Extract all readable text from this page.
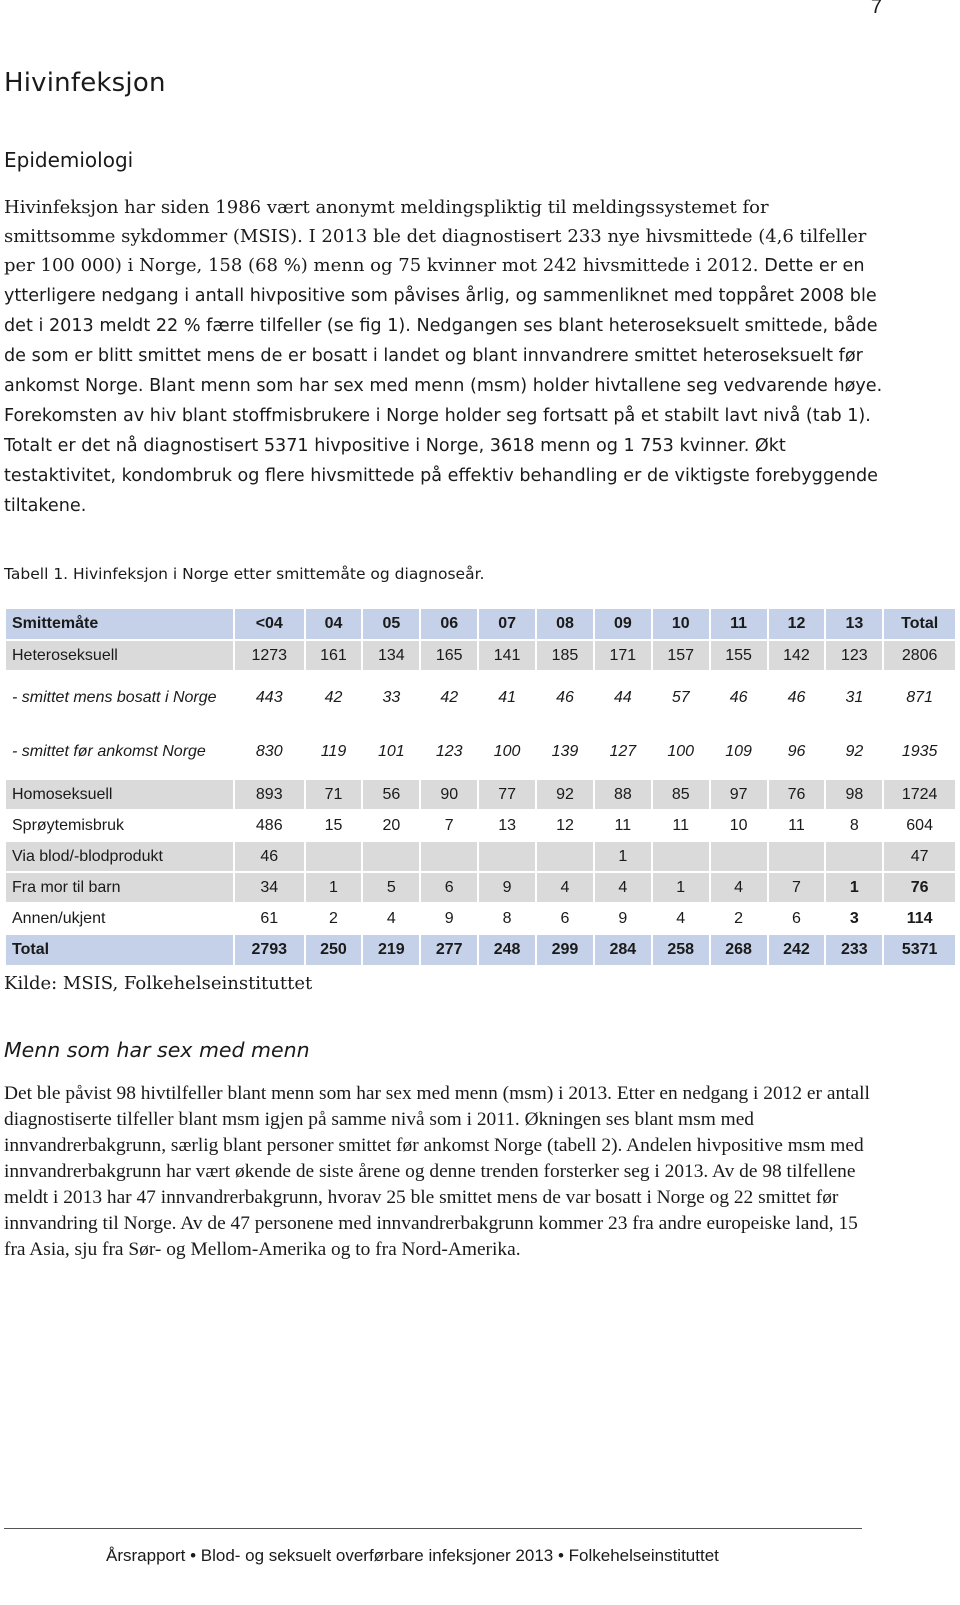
7
Hivinfeksjon
Epidemiologi

Hivinfeksjon har siden 1986 vært anonymt meldingspliktig til meldingssystemet for smittsomme sykdommer (MSIS). I 2013 ble det diagnostisert 233 nye hivsmittede (4,6 tilfeller per 100 000) i Norge, 158 (68 %) menn og 75 kvinner mot 242 hivsmittede i 2012. Dette er en ytterligere nedgang i antall hivpositive som påvises årlig, og sammenliknet med toppåret 2008 ble det i 2013 meldt 22 % færre tilfeller (se fig 1). Nedgangen ses blant heteroseksuelt smittede, både de som er blitt smittet mens de er bosatt i landet og blant innvandrere smittet heteroseksuelt før ankomst Norge. Blant menn som har sex med menn (msm) holder hivtallene seg vedvarende høye. Forekomsten av hiv blant stoffmisbrukere i Norge holder seg fortsatt på et stabilt lavt nivå (tab 1). Totalt er det nå diagnostisert 5371 hivpositive i Norge, 3618 menn og 1 753 kvinner. Økt testaktivitet, kondombruk og flere hivsmittede på effektiv behandling er de viktigste forebyggende tiltakene.

Tabell 1. Hivinfeksjon i Norge etter smittemåte og diagnoseår.

Smittemåte	<04	04	05	06	07	08	09	10	11	12	13	Total
Heteroseksuell	1273	161	134	165	141	185	171	157	155	142	123	2806
- smittet mens bosatt i Norge	443	42	33	42	41	46	44	57	46	46	31	871
- smittet før ankomst Norge	830	119	101	123	100	139	127	100	109	96	92	1935
Homoseksuell	893	71	56	90	77	92	88	85	97	76	98	1724
Sprøytemisbruk	486	15	20	7	13	12	11	11	10	11	8	604
Via blod/-blodprodukt	46						1					47
Fra mor til barn	34	1	5	6	9	4	4	1	4	7	1	76
Annen/ukjent	61	2	4	9	8	6	9	4	2	6	3	114
Total	2793	250	219	277	248	299	284	258	268	242	233	5371

Kilde: MSIS, Folkehelseinstituttet

Menn som har sex med menn

Det ble påvist 98 hivtilfeller blant menn som har sex med menn (msm) i 2013. Etter en nedgang i 2012 er antall diagnostiserte tilfeller blant msm igjen på samme nivå som i 2011. Økningen ses blant msm med innvandrerbakgrunn, særlig blant personer smittet før ankomst Norge (tabell 2). Andelen hivpositive msm med innvandrerbakgrunn har vært økende de siste årene og denne trenden forsterker seg i 2013. Av de 98 tilfellene meldt i 2013 har 47 innvandrerbakgrunn, hvorav 25 ble smittet mens de var bosatt i Norge og 22 smittet før innvandring til Norge. Av de 47 personene med innvandrerbakgrunn kommer 23 fra andre europeiske land, 15 fra Asia, sju fra Sør- og Mellom-Amerika og to fra Nord-Amerika.

Årsrapport • Blod- og seksuelt overførbare infeksjoner 2013 • Folkehelseinstituttet
